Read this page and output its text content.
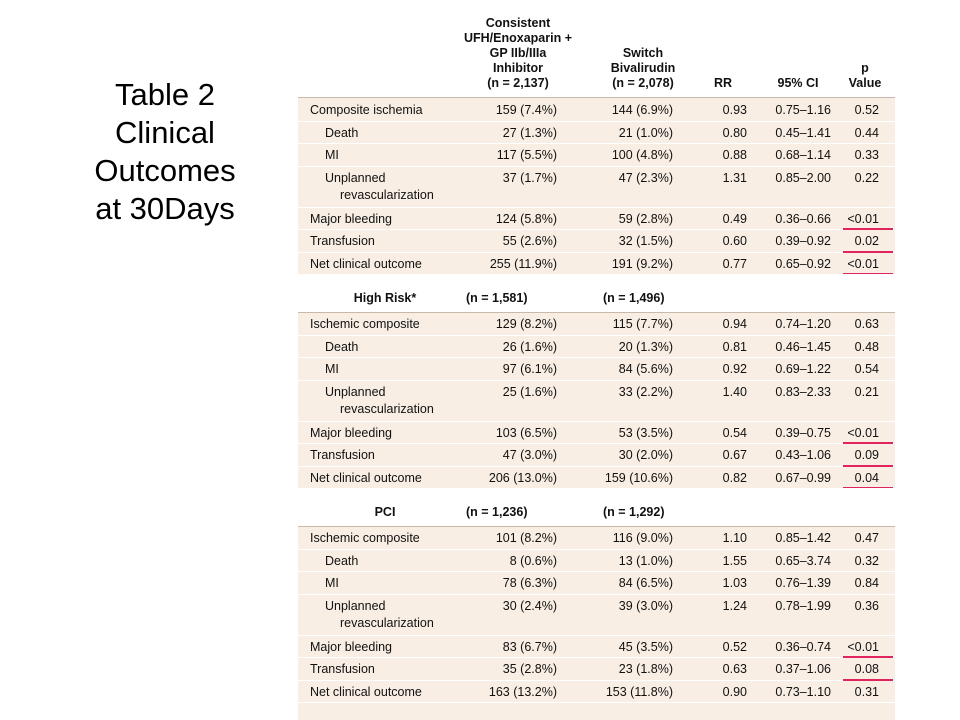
Table 2
Clinical
Outcomes
at 30Days
Consistent
UFH/Enoxaparin +
GP IIb/IIIa
Inhibitor
(n = 2,137)
Switch
Bivalirudin
(n = 2,078)	RR	95% CI
p
Value
Composite ischemia	159 (7.4%)	144 (6.9%)	0.93 0.75–1.16 0.52
Death	27 (1.3%)	21 (1.0%)	0.80 0.45–1.41 0.44
MI	117 (5.5%)	100 (4.8%)	0.88 0.68–1.14 0.33
Unplanned
revascularization
37 (1.7%)	47 (2.3%)	1.31 0.85–2.00 0.22
Major bleeding	124 (5.8%)	59 (2.8%)	0.49 0.36–0.66 <0.01
Transfusion	55 (2.6%)	32 (1.5%)	0.60 0.39–0.92 0.02
Net clinical outcome	255 (11.9%)	191 (9.2%)	0.77 0.65–0.92 <0.01
High Risk*	(n = 1,581)	(n = 1,496)
Ischemic composite	129 (8.2%)	115 (7.7%)	0.94 0.74–1.20 0.63
Death	26 (1.6%)	20 (1.3%)	0.81 0.46–1.45 0.48
MI	97 (6.1%)	84 (5.6%)	0.92 0.69–1.22 0.54
Unplanned
revascularization
25 (1.6%)	33 (2.2%)	1.40 0.83–2.33 0.21
Major bleeding	103 (6.5%)	53 (3.5%)	0.54 0.39–0.75 <0.01
Transfusion	47 (3.0%)	30 (2.0%)	0.67 0.43–1.06 0.09
Net clinical outcome	206 (13.0%)	159 (10.6%)	0.82 0.67–0.99 0.04
PCI	(n = 1,236)	(n = 1,292)
Ischemic composite	101 (8.2%)	116 (9.0%)	1.10 0.85–1.42 0.47
Death	8 (0.6%)	13 (1.0%)	1.55 0.65–3.74 0.32
MI	78 (6.3%)	84 (6.5%)	1.03 0.76–1.39 0.84
Unplanned
revascularization
30 (2.4%)	39 (3.0%)	1.24 0.78–1.99 0.36
Major bleeding	83 (6.7%)	45 (3.5%)	0.52 0.36–0.74 <0.01
Transfusion	35 (2.8%)	23 (1.8%)	0.63 0.37–1.06 0.08
Net clinical outcome	163 (13.2%)	153 (11.8%)	0.90 0.73–1.10 0.31
